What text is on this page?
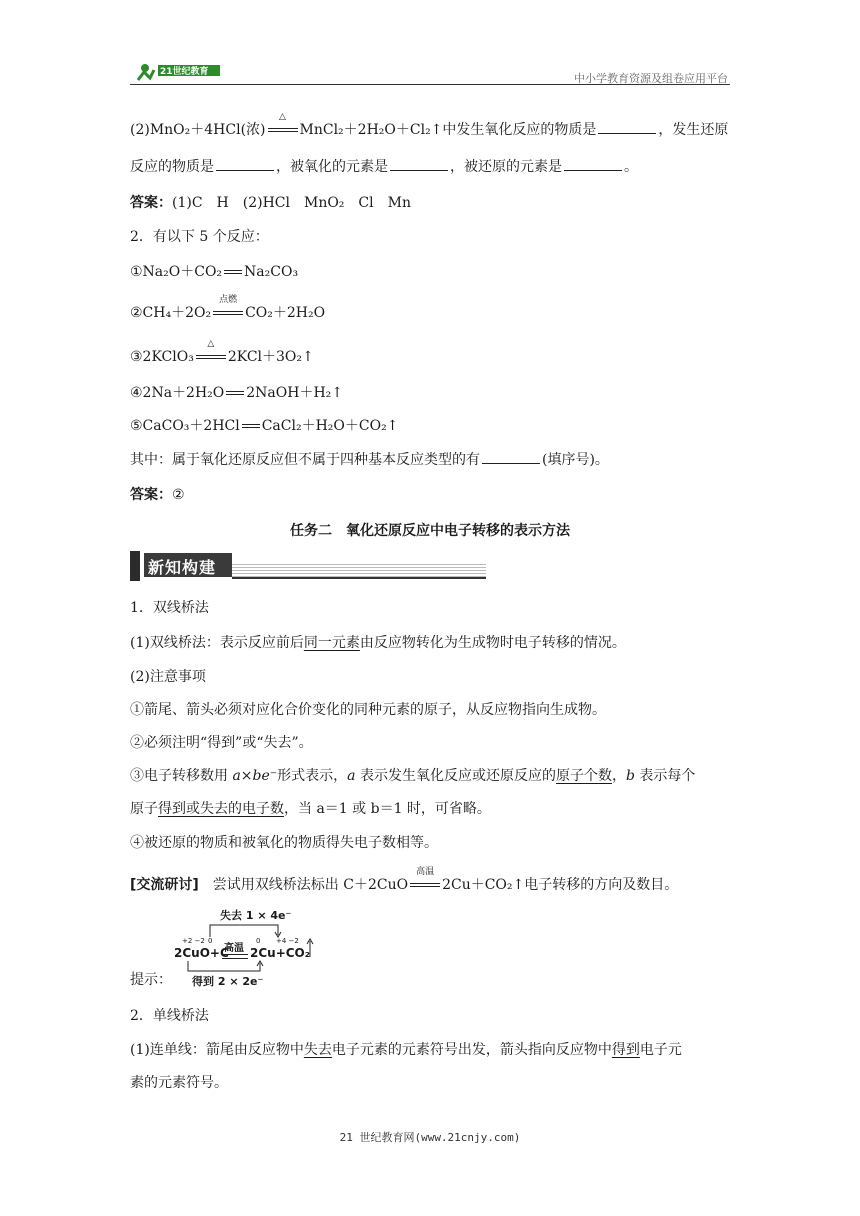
21世纪教育	中小学教育资源及组卷应用平台
(2)MnO₂＋4HCl(浓)
△
MnCl₂＋2H₂O＋Cl₂↑中发生氧化反应的物质是	，发生还原
反应的物质是	，被氧化的元素是	，被还原的元素是	。
答案：(1)C　H　(2)HCl　MnO₂　Cl　Mn
2．有以下 5 个反应：
①Na₂O＋CO₂ Na₂CO₃
②CH₄＋2O₂
点燃
CO₂＋2H₂O
③2KClO₃
△
2KCl＋3O₂↑
④2Na＋2H₂O 2NaOH＋H₂↑
⑤CaCO₃＋2HCl CaCl₂＋H₂O＋CO₂↑
其中：属于氧化还原反应但不属于四种基本反应类型的有	(填序号)。
答案：②
任务二　氧化还原反应中电子转移的表示方法
新知构建
1．双线桥法
(1)双线桥法：表示反应前后同一元素由反应物转化为生成物时电子转移的情况。
(2)注意事项
①箭尾、箭头必须对应化合价变化的同种元素的原子，从反应物指向生成物。
②必须注明“得到”或“失去”。
③电子转移数用 a×be⁻形式表示，a 表示发生氧化反应或还原反应的原子个数，b 表示每个
原子得到或失去的电子数，当 a＝1 或 b＝1 时，可省略。
④被还原的物质和被氧化的物质得失电子数相等。
[交流研讨]　 尝试用双线桥法标出 C＋2CuO
高温
2Cu＋CO₂↑电子转移的方向及数目。
失去 1 × 4e⁻
+2 −2 0	0 +4 −2
2CuO+C
高温 2Cu+CO₂
得到 2 × 2e⁻
提示：
2．单线桥法
(1)连单线：箭尾由反应物中失去电子元素的元素符号出发，箭头指向反应物中得到电子元
素的元素符号。
21 世纪教育网(www.21cnjy.com)
